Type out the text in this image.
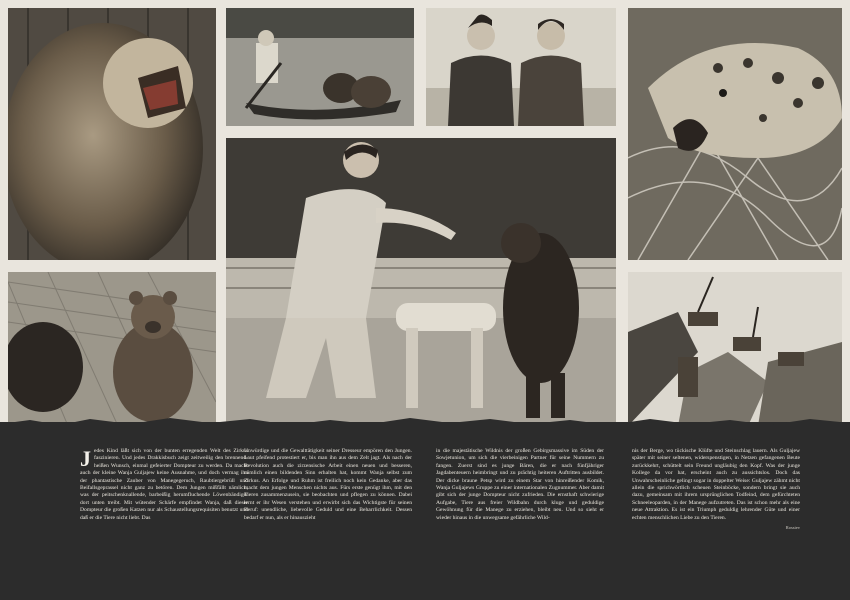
J edes Kind läßt sich von der bunten erregenden Welt des Zirkus faszinieren. Und jedes Drakkisbuch zeigt zeitweilig den brennend-heißen Wunsch, einmal gefeierter Dompteur zu werden. Da macht auch der kleine Wanja Guljajew keine Ausnahme, und doch vermag ihn der phantastische Zauber von Manegegeruch, Raubtiergebrüll und Beifallsgeprassel nicht ganz zu betören. Dem Jungen mißfällt nämlich, was der peitschenknallende, barbeißig herumfluchende Löwenbändiger dort unten treibt. Mit wütender Schärfe empfindet Wanja, daß dieser Dompteur die großen Katzen nur als Schaustellungsrequisiten benutzt und daß er die Tiere nicht liebt. Das

Unwürdige und die Gewalttätigkeit seiner Dresseur empören den Jungen. Laut pfeifend protestiert er, bis man ihn aus dem Zelt jagt. Als nach der Revolution auch die zirzensische Arbeit einen neuen und besseren, nämlich einen bildenden Sinn erhalten hat, kommt Wanja selbst zum Zirkus. An Erfolge und Ruhm ist freilich noch kein Gedanke, aber das macht dem jungen Menschen nichts aus. Fürs erste genügt ihm, mit den Tieren zusammenzusein, sie beobachten und pflegen zu können. Dabei lernt er ihr Wesen verstehen und erwirbt sich das Wichtigste für seinen Beruf: unendliche, liebevolle Geduld und eine Beharrlichkeit. Dessen bedarf er nun, als er hinauszieht

in die majestätische Wildnis der großen Gebirgsmassive im Süden der Sowjetunion, um sich die vierbeinigen Partner für seine Nummern zu fangen. Zuerst sind es junge Bären, die er nach fünfjähriger Jagdabenteuern heimbringt und zu prächtig heiteren Auftritten ausbildet. Der dicke braune Petsp wird zu einem Star von hinreißender Komik, Wanja Guljajews Gruppe zu einer internationalen Zugnummer. Aber damit gibt sich der junge Dompteur nicht zufrieden. Die ernsthaft schwierige Aufgabe, Tiere aus freier Wildbahn durch kluge und geduldige Gewöhnung für die Manege zu erziehen, bleibt neu. Und so sieht er wieder hinaus in die unwegsame gefährliche Wild-

nis der Berge, wo tückische Klüfte und Steinschlag lauern. Als Guljajew später mit seiner seltenen, widerspenstigen, in Netzen gefangenen Beute zurückkehrt, schüttelt sein Freund ungläubig den Kopf. Was der junge Kollege da vor hat, erscheint auch zu aussichtslos. Doch das Unwahrscheinliche gelingt sogar in doppelter Weise: Guljajew zähmt nicht allein die sprichwörtlich scheuen Steinböcke, sondern bringt sie auch dazu, gemeinsam mit ihrem ursprünglichen Todfeind, dem gefürchteten Schneeleoparden, in der Manege aufzutreten. Das ist schon mehr als eine neue Attraktion. Es ist ein Triumph geduldig lehrender Güte und einer echten menschlichen Liebe zu den Tieren.

Rossiev
